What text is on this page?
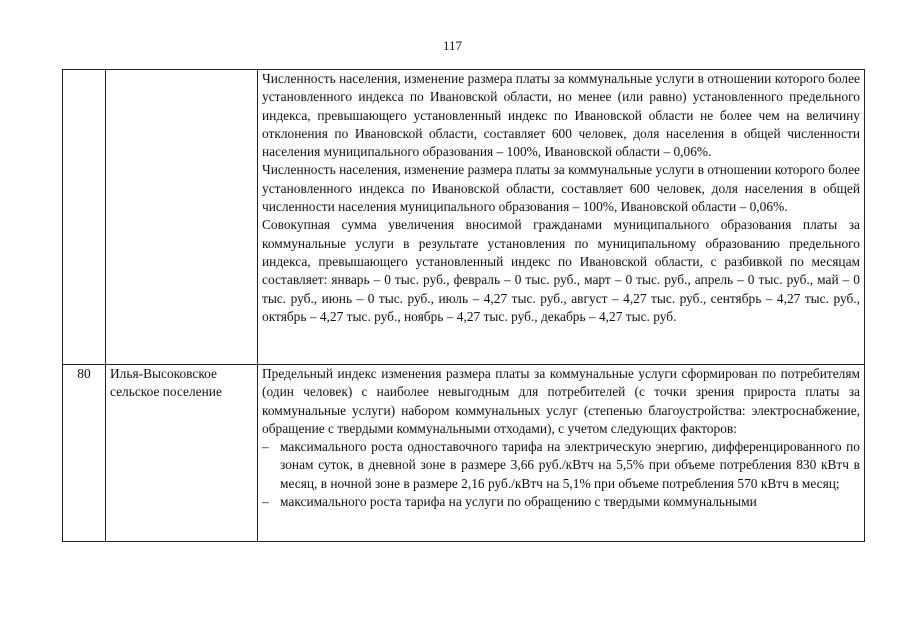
117

		Численность населения, изменение размера платы за коммунальные услуги в отношении которого более установленного индекса по Ивановской области, но менее (или равно) установленного предельного индекса, превышающего установленный индекс по Ивановской области не более чем на величину отклонения по Ивановской области, составляет 600 человек, доля населения в общей численности населения муниципального образования – 100%, Ивановской области – 0,06%.

Численность населения, изменение размера платы за коммунальные услуги в отношении которого более установленного индекса по Ивановской области, составляет 600 человек, доля населения в общей численности населения муниципального образования – 100%, Ивановской области – 0,06%.

Совокупная сумма увеличения вносимой гражданами муниципального образования платы за коммунальные услуги в результате установления по муниципальному образованию предельного индекса, превышающего установленный индекс по Ивановской области, с разбивкой по месяцам составляет: январь – 0 тыс. руб., февраль – 0 тыс. руб., март – 0 тыс. руб., апрель – 0 тыс. руб., май – 0 тыс. руб., июнь – 0 тыс. руб., июль – 4,27 тыс. руб., август – 4,27 тыс. руб., сентябрь – 4,27 тыс. руб., октябрь – 4,27 тыс. руб., ноябрь – 4,27 тыс. руб., декабрь – 4,27 тыс. руб.

80	Илья-Высоковское сельское поселение	Предельный индекс изменения размера платы за коммунальные услуги сформирован по потребителям (один человек) с наиболее невыгодным для потребителей (с точки зрения прироста платы за коммунальные услуги) набором коммунальных услуг (степенью благоустройства: электроснабжение, обращение с твердыми коммунальными отходами), с учетом следующих факторов:

– максимального роста одноставочного тарифа на электрическую энергию, дифференцированного по зонам суток, в дневной зоне в размере 3,66 руб./кВтч на 5,5% при объеме потребления 830 кВтч в месяц, в ночной зоне в размере 2,16 руб./кВтч на 5,1% при объеме потребления 570 кВтч в месяц;
– максимального роста тарифа на услуги по обращению с твердыми коммунальными
